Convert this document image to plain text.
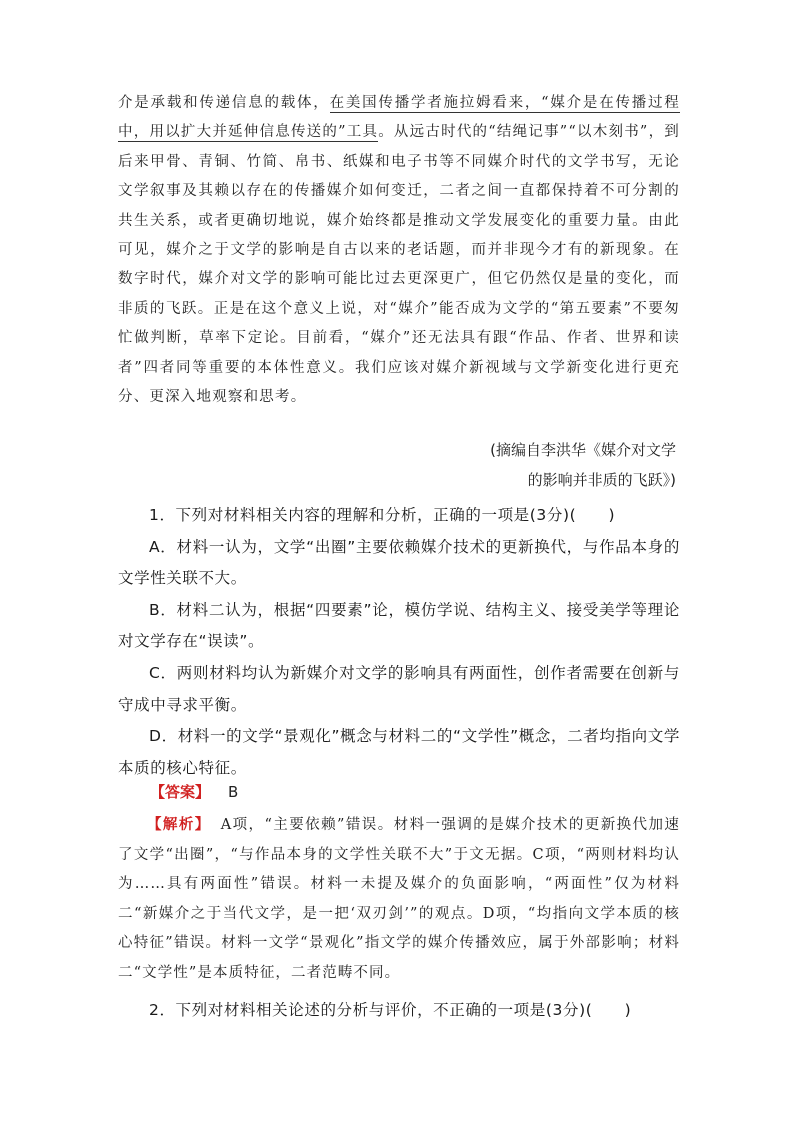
介是承载和传递信息的载体，在美国传播学者施拉姆看来，“媒介是在传播过程中，用以扩大并延伸信息传送的”工具。从远古时代的“结绳记事”“以木刻书”，到后来甲骨、青铜、竹简、帛书、纸媒和电子书等不同媒介时代的文学书写，无论文学叙事及其赖以存在的传播媒介如何变迁，二者之间一直都保持着不可分割的共生关系，或者更确切地说，媒介始终都是推动文学发展变化的重要力量。由此可见，媒介之于文学的影响是自古以来的老话题，而并非现今才有的新现象。在数字时代，媒介对文学的影响可能比过去更深更广，但它仍然仅是量的变化，而非质的飞跃。正是在这个意义上说，对“媒介”能否成为文学的“第五要素”不要匆忙做判断，草率下定论。目前看，“媒介”还无法具有跟“作品、作者、世界和读者”四者同等重要的本体性意义。我们应该对媒介新视域与文学新变化进行更充分、更深入地观察和思考。
(摘编自李洪华《媒介对文学
的影响并非质的飞跃》)

1．下列对材料相关内容的理解和分析，正确的一项是(3分)(　　)

A．材料一认为，文学“出圈”主要依赖媒介技术的更新换代，与作品本身的文学性关联不大。

B．材料二认为，根据“四要素”论，模仿学说、结构主义、接受美学等理论对文学存在“误读”。

C．两则材料均认为新媒介对文学的影响具有两面性，创作者需要在创新与守成中寻求平衡。

D．材料一的文学“景观化”概念与材料二的“文学性”概念，二者均指向文学本质的核心特征。

【答案】 B
【解析】 A项，“主要依赖”错误。材料一强调的是媒介技术的更新换代加速了文学“出圈”，“与作品本身的文学性关联不大”于文无据。C项，“两则材料均认为……具有两面性”错误。材料一未提及媒介的负面影响，“两面性”仅为材料二“新媒介之于当代文学，是一把‘双刃剑’”的观点。D项，“均指向文学本质的核心特征”错误。材料一文学“景观化”指文学的媒介传播效应，属于外部影响；材料二“文学性”是本质特征，二者范畴不同。
2．下列对材料相关论述的分析与评价，不正确的一项是(3分)(　　)
